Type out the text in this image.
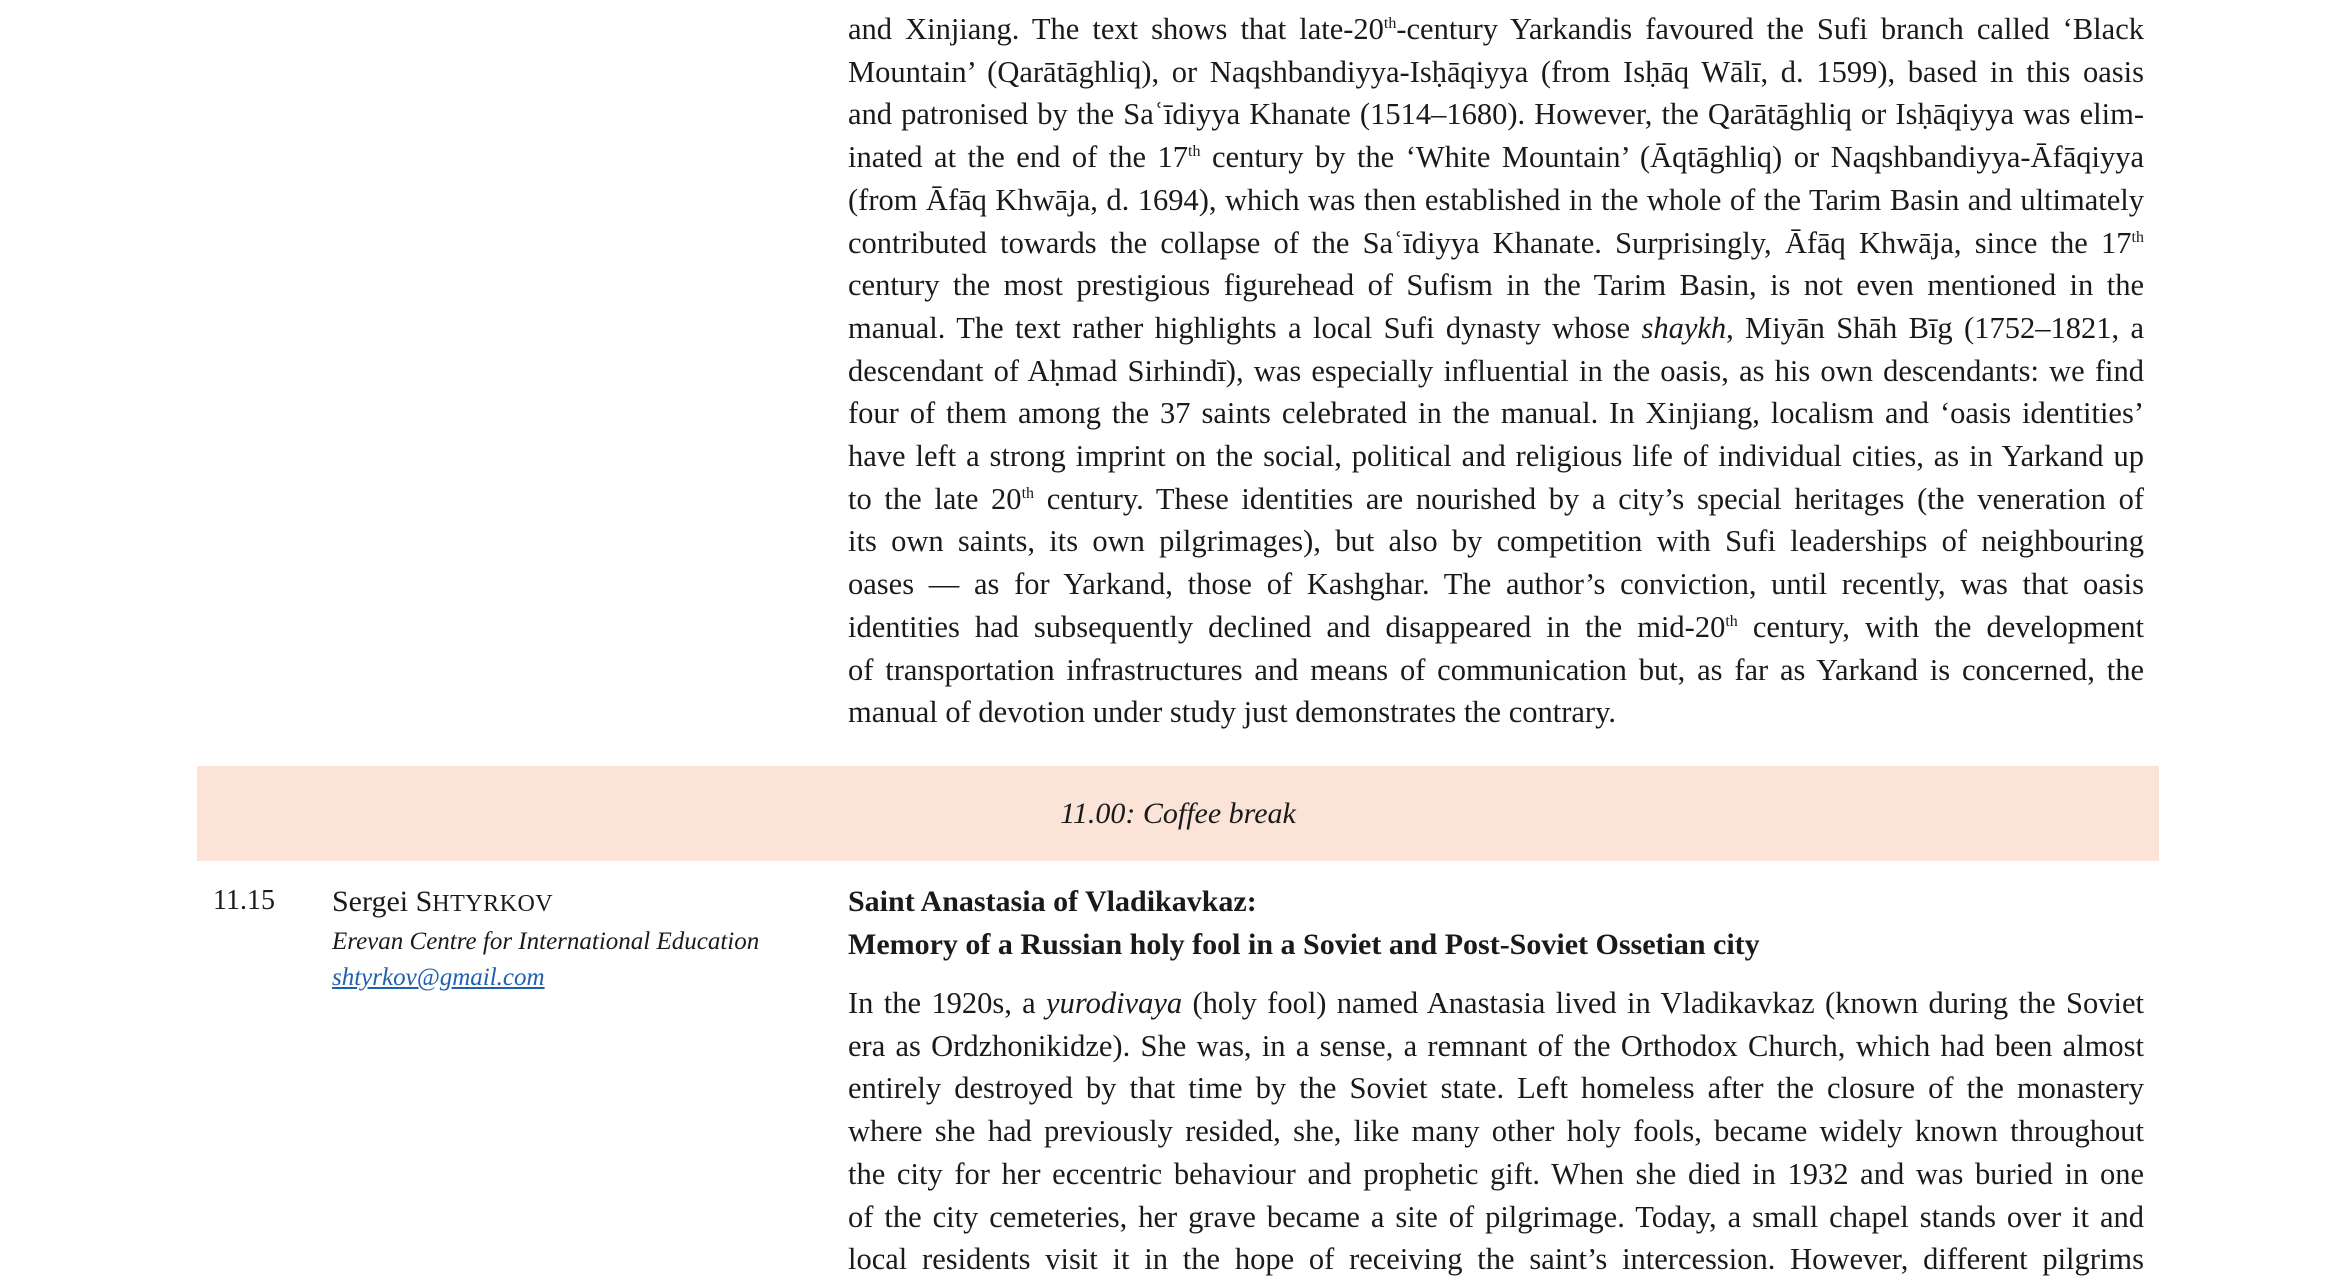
and Xinjiang. The text shows that late-20th-century Yarkandis favoured the Sufi branch called ‘Black
Mountain’ (Qarātāghliq), or Naqshbandiyya-Isḥāqiyya (from Isḥāq Wālī, d. 1599), based in this oasis
and patronised by the Saʿīdiyya Khanate (1514–1680). However, the Qarātāghliq or Isḥāqiyya was elim-
inated at the end of the 17th century by the ‘White Mountain’ (Āqtāghliq) or Naqshbandiyya-Āfāqiyya
(from Āfāq Khwāja, d. 1694), which was then established in the whole of the Tarim Basin and ultimately
contributed towards the collapse of the Saʿīdiyya Khanate. Surprisingly, Āfāq Khwāja, since the 17th
century the most prestigious figurehead of Sufism in the Tarim Basin, is not even mentioned in the
manual. The text rather highlights a local Sufi dynasty whose shaykh, Miyān Shāh Bīg (1752–1821, a
descendant of Aḥmad Sirhindī), was especially influential in the oasis, as his own descendants: we find
four of them among the 37 saints celebrated in the manual. In Xinjiang, localism and ‘oasis identities’
have left a strong imprint on the social, political and religious life of individual cities, as in Yarkand up
to the late 20th century. These identities are nourished by a city’s special heritages (the veneration of
its own saints, its own pilgrimages), but also by competition with Sufi leaderships of neighbouring
oases — as for Yarkand, those of Kashghar. The author’s conviction, until recently, was that oasis
identities had subsequently declined and disappeared in the mid-20th century, with the development
of transportation infrastructures and means of communication but, as far as Yarkand is concerned, the
manual of devotion under study just demonstrates the contrary.
11.00: Coffee break
11.15 Sergei SHTYRKOV
Erevan Centre for International Education
shtyrkov@gmail.com
Saint Anastasia of Vladikavkaz:
Memory of a Russian holy fool in a Soviet and Post-Soviet Ossetian city
In the 1920s, a yurodivaya (holy fool) named Anastasia lived in Vladikavkaz (known during the Soviet
era as Ordzhonikidze). She was, in a sense, a remnant of the Orthodox Church, which had been almost
entirely destroyed by that time by the Soviet state. Left homeless after the closure of the monastery
where she had previously resided, she, like many other holy fools, became widely known throughout
the city for her eccentric behaviour and prophetic gift. When she died in 1932 and was buried in one
of the city cemeteries, her grave became a site of pilgrimage. Today, a small chapel stands over it and
local residents visit it in the hope of receiving the saint’s intercession. However, different pilgrims
